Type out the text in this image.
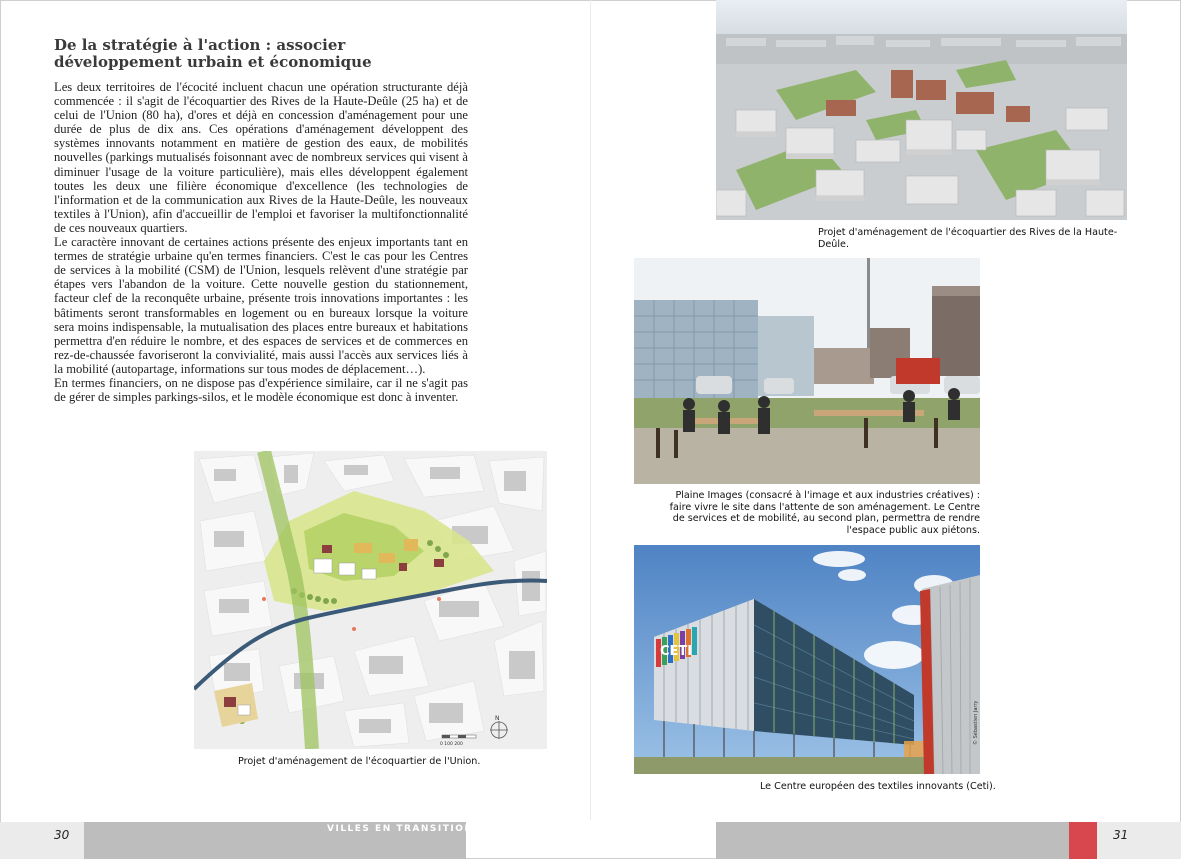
De la stratégie à l'action : associer développement urbain et économique

Les deux territoires de l'écocité incluent chacun une opération structurante déjà commencée : il s'agit de l'écoquartier des Rives de la Haute-Deûle (25 ha) et de celui de l'Union (80 ha), d'ores et déjà en concession d'aménagement pour une durée de plus de dix ans. Ces opérations d'aménagement développent des systèmes innovants notamment en matière de gestion des eaux, de mobilités nouvelles (parkings mutualisés foisonnant avec de nombreux services qui visent à diminuer l'usage de la voiture particulière), mais elles développent également toutes les deux une filière économique d'excellence (les technologies de l'information et de la communication aux Rives de la Haute-Deûle, les nouveaux textiles à l'Union), afin d'accueillir de l'emploi et favoriser la multifonctionnalité de ces nouveaux quartiers.

Le caractère innovant de certaines actions présente des enjeux importants tant en termes de stratégie urbaine qu'en termes financiers. C'est le cas pour les Centres de services à la mobilité (CSM) de l'Union, lesquels relèvent d'une stratégie par étapes vers l'abandon de la voiture. Cette nouvelle gestion du stationnement, facteur clef de la reconquête urbaine, présente trois innovations importantes : les bâtiments seront transformables en logement ou en bureaux lorsque la voiture sera moins indispensable, la mutualisation des places entre bureaux et habitations permettra d'en réduire le nombre, et des espaces de services et de commerces en rez-de-chaussée favoriseront la convivialité, mais aussi l'accès aux services liés à la mobilité (autopartage, informations sur tous modes de déplacement…).

En termes financiers, on ne dispose pas d'expérience similaire, car il ne s'agit pas de gérer de simples parkings-silos, et le modèle économique est donc à inventer.

N
0 100 200
Projet d'aménagement de l'écoquartier de l'Union.
Projet d'aménagement de l'écoquartier des Rives de la Haute-Deûle.
Plaine Images (consacré à l'image et aux industries créatives) : faire vivre le site dans l'attente de son aménagement. Le Centre de services et de mobilité, au second plan, permettra de rendre l'espace public aux piétons.
CETI
© Sébastien Jarry
Le Centre européen des textiles innovants (Ceti).
30	31
VILLES EN TRANSITION
